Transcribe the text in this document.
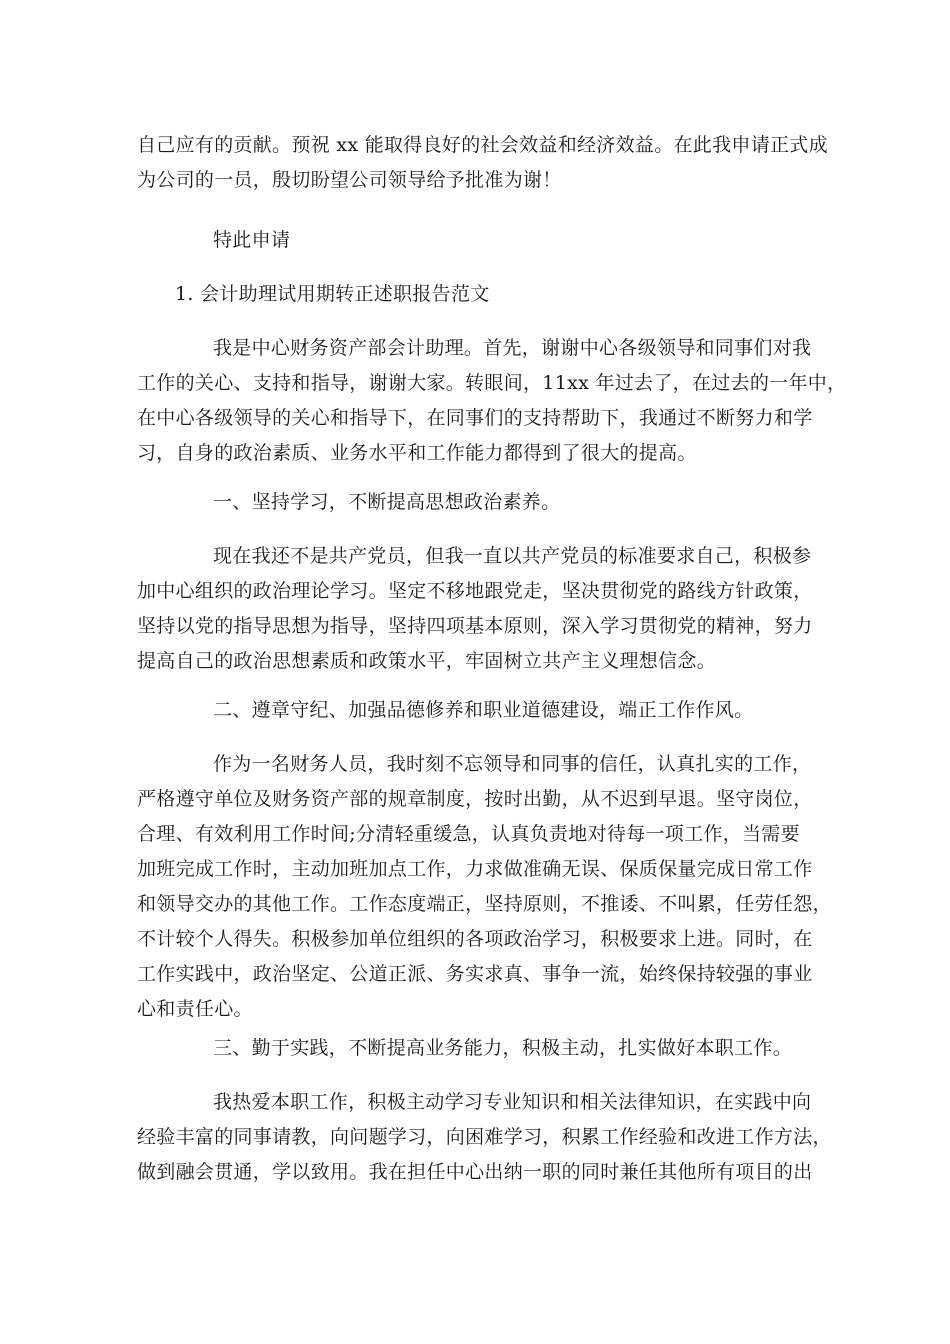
自己应有的贡献。预祝 xx 能取得良好的社会效益和经济效益。在此我申请正式成
为公司的一员，殷切盼望公司领导给予批准为谢！

特此申请

1. 会计助理试用期转正述职报告范文

我是中心财务资产部会计助理。首先，谢谢中心各级领导和同事们对我
工作的关心、支持和指导，谢谢大家。转眼间，11xx 年过去了，在过去的一年中，
在中心各级领导的关心和指导下，在同事们的支持帮助下，我通过不断努力和学
习，自身的政治素质、业务水平和工作能力都得到了很大的提高。

一、坚持学习，不断提高思想政治素养。

现在我还不是共产党员，但我一直以共产党员的标准要求自己，积极参
加中心组织的政治理论学习。坚定不移地跟党走，坚决贯彻党的路线方针政策，
坚持以党的指导思想为指导，坚持四项基本原则，深入学习贯彻党的精神，努力
提高自己的政治思想素质和政策水平，牢固树立共产主义理想信念。

二、遵章守纪、加强品德修养和职业道德建设，端正工作作风。

作为一名财务人员，我时刻不忘领导和同事的信任，认真扎实的工作，
严格遵守单位及财务资产部的规章制度，按时出勤，从不迟到早退。坚守岗位，
合理、有效利用工作时间;分清轻重缓急，认真负责地对待每一项工作，当需要
加班完成工作时，主动加班加点工作，力求做准确无误、保质保量完成日常工作
和领导交办的其他工作。工作态度端正，坚持原则，不推诿、不叫累，任劳任怨，
不计较个人得失。积极参加单位组织的各项政治学习，积极要求上进。同时，在
工作实践中，政治坚定、公道正派、务实求真、事争一流，始终保持较强的事业
心和责任心。

三、勤于实践，不断提高业务能力，积极主动，扎实做好本职工作。

我热爱本职工作，积极主动学习专业知识和相关法律知识，在实践中向
经验丰富的同事请教，向问题学习，向困难学习，积累工作经验和改进工作方法，
做到融会贯通，学以致用。我在担任中心出纳一职的同时兼任其他所有项目的出
